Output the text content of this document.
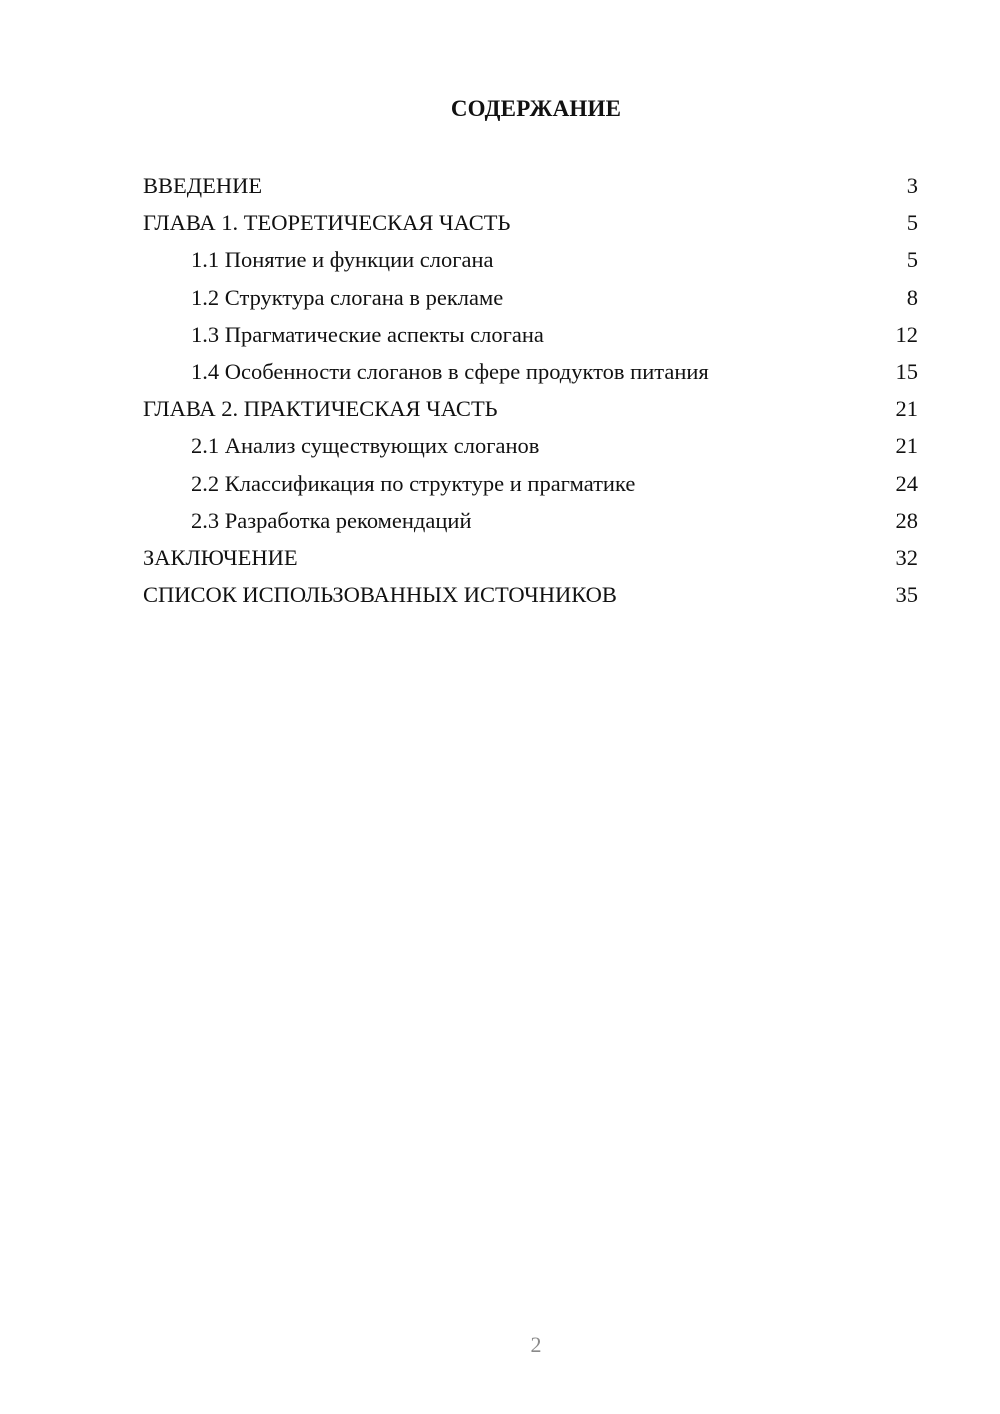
СОДЕРЖАНИЕ
ВВЕДЕНИЕ	3
ГЛАВА 1. ТЕОРЕТИЧЕСКАЯ ЧАСТЬ	5
1.1 Понятие и функции слогана	5
1.2 Структура слогана в рекламе	8
1.3 Прагматические аспекты слогана	12
1.4 Особенности слоганов в сфере продуктов питания	15
ГЛАВА 2. ПРАКТИЧЕСКАЯ ЧАСТЬ	21
2.1 Анализ существующих слоганов	21
2.2 Классификация по структуре и прагматике	24
2.3 Разработка рекомендаций	28
ЗАКЛЮЧЕНИЕ	32
СПИСОК ИСПОЛЬЗОВАННЫХ ИСТОЧНИКОВ	35
2
